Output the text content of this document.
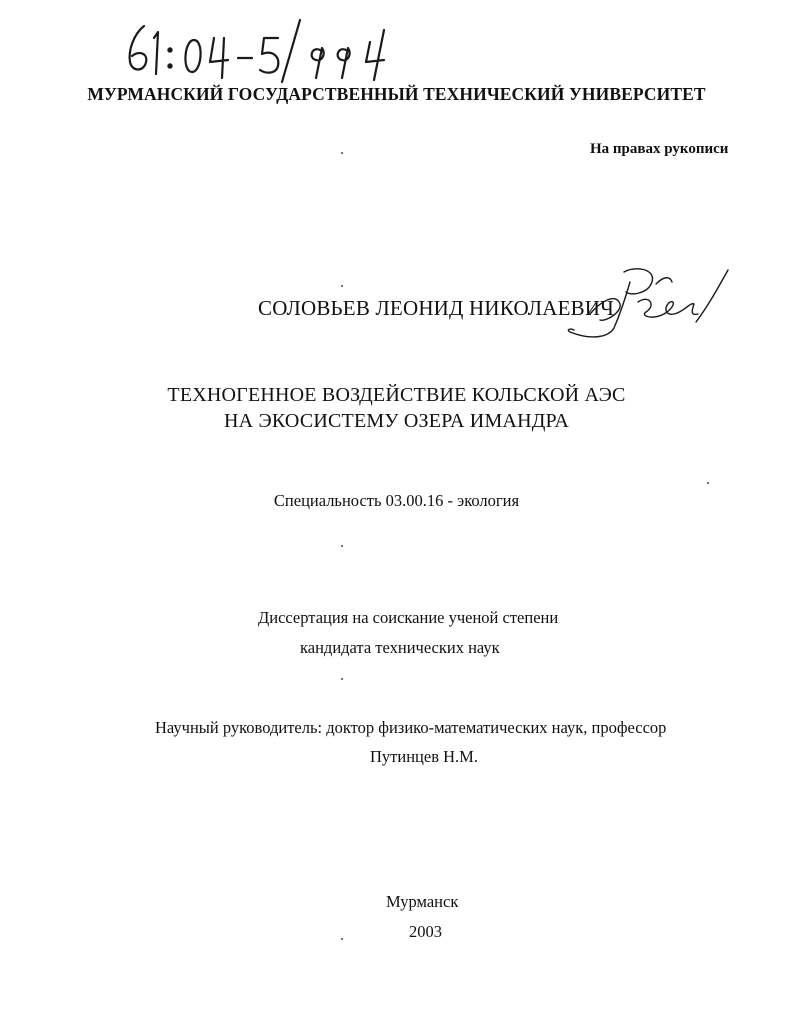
МУРМАНСКИЙ ГОСУДАРСТВЕННЫЙ ТЕХНИЧЕСКИЙ УНИВЕРСИТЕТ
На правах рукописи
СОЛОВЬЕВ ЛЕОНИД НИКОЛАЕВИЧ
ТЕХНОГЕННОЕ ВОЗДЕЙСТВИЕ КОЛЬСКОЙ АЭС
НА ЭКОСИСТЕМУ ОЗЕРА ИМАНДРА
Специальность 03.00.16 - экология
Диссертация на соискание ученой степени
кандидата технических наук
Научный руководитель: доктор физико-математических наук, профессор
Путинцев Н.М.
Мурманск
2003
